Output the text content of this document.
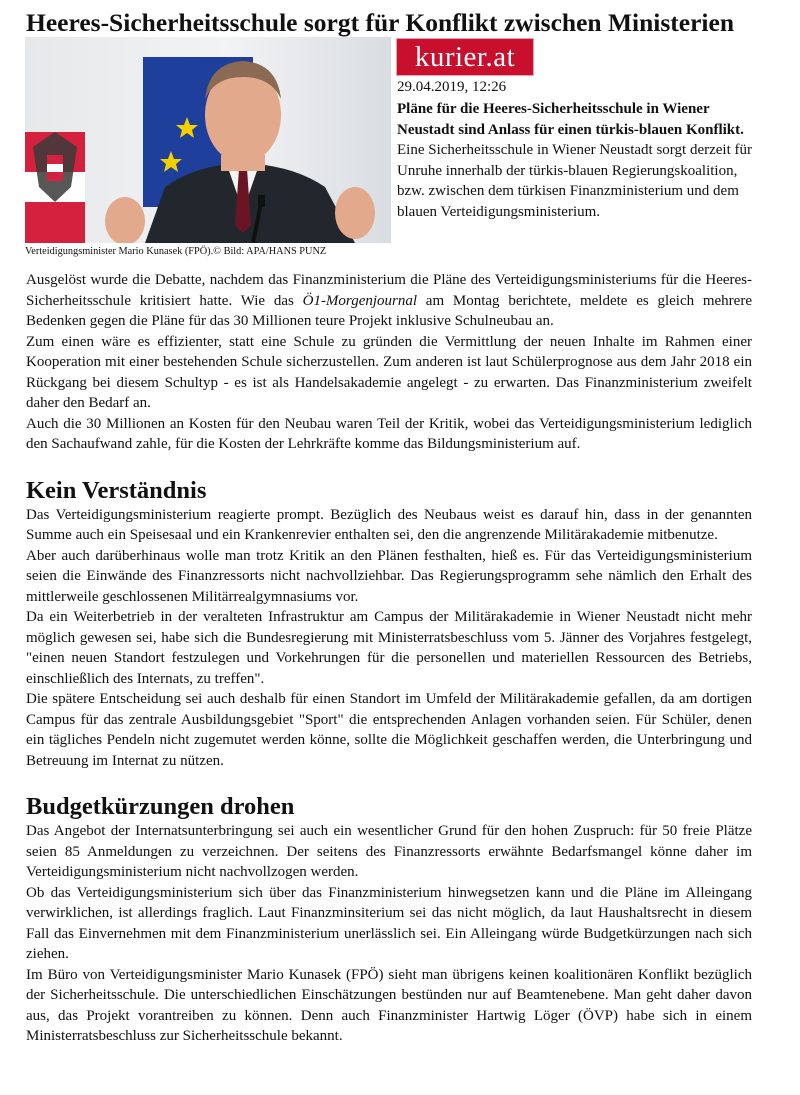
Heeres-Sicherheitsschule sorgt für Konflikt zwischen Ministerien
Verteidigungsminister Mario Kunasek (FPÖ).© Bild: APA/HANS PUNZ
kurier.at
29.04.2019, 12:26
Pläne für die Heeres-Sicherheitsschule in Wiener Neustadt sind Anlass für einen türkis-blauen Konflikt.
Eine Sicherheitsschule in Wiener Neustadt sorgt derzeit für Unruhe innerhalb der türkis-blauen Regierungskoalition, bzw. zwischen dem türkisen Finanzministerium und dem blauen Verteidigungsministerium.

Ausgelöst wurde die Debatte, nachdem das Finanzministerium die Pläne des Verteidigungsministeriums für die Heeres-Sicherheitsschule kritisiert hatte. Wie das Ö1-Morgenjournal am Montag berichtete, meldete es gleich mehrere Bedenken gegen die Pläne für das 30 Millionen teure Projekt inklusive Schulneubau an.

Zum einen wäre es effizienter, statt eine Schule zu gründen die Vermittlung der neuen Inhalte im Rahmen einer Kooperation mit einer bestehenden Schule sicherzustellen. Zum anderen ist laut Schülerprognose aus dem Jahr 2018 ein Rückgang bei diesem Schultyp - es ist als Handelsakademie angelegt - zu erwarten. Das Finanzministerium zweifelt daher den Bedarf an.

Auch die 30 Millionen an Kosten für den Neubau waren Teil der Kritik, wobei das Verteidigungsministerium lediglich den Sachaufwand zahle, für die Kosten der Lehrkräfte komme das Bildungsministerium auf.

Kein Verständnis

Das Verteidigungsministerium reagierte prompt. Bezüglich des Neubaus weist es darauf hin, dass in der genannten Summe auch ein Speisesaal und ein Krankenrevier enthalten sei, den die angrenzende Militärakademie mitbenutze.

Aber auch darüberhinaus wolle man trotz Kritik an den Plänen festhalten, hieß es. Für das Verteidigungsministerium seien die Einwände des Finanzressorts nicht nachvollziehbar. Das Regierungsprogramm sehe nämlich den Erhalt des mittlerweile geschlossenen Militärrealgymnasiums vor.

Da ein Weiterbetrieb in der veralteten Infrastruktur am Campus der Militärakademie in Wiener Neustadt nicht mehr möglich gewesen sei, habe sich die Bundesregierung mit Ministerratsbeschluss vom 5. Jänner des Vorjahres festgelegt, "einen neuen Standort festzulegen und Vorkehrungen für die personellen und materiellen Ressourcen des Betriebs, einschließlich des Internats, zu treffen".

Die spätere Entscheidung sei auch deshalb für einen Standort im Umfeld der Militärakademie gefallen, da am dortigen Campus für das zentrale Ausbildungsgebiet "Sport" die entsprechenden Anlagen vorhanden seien. Für Schüler, denen ein tägliches Pendeln nicht zugemutet werden könne, sollte die Möglichkeit geschaffen werden, die Unterbringung und Betreuung im Internat zu nützen.

Budgetkürzungen drohen

Das Angebot der Internatsunterbringung sei auch ein wesentlicher Grund für den hohen Zuspruch: für 50 freie Plätze seien 85 Anmeldungen zu verzeichnen. Der seitens des Finanzressorts erwähnte Bedarfsmangel könne daher im Verteidigungsministerium nicht nachvollzogen werden.

Ob das Verteidigungsministerium sich über das Finanzministerium hinwegsetzen kann und die Pläne im Alleingang verwirklichen, ist allerdings fraglich. Laut Finanzminsiterium sei das nicht möglich, da laut Haushaltsrecht in diesem Fall das Einvernehmen mit dem Finanzministerium unerlässlich sei. Ein Alleingang würde Budgetkürzungen nach sich ziehen.

Im Büro von Verteidigungsminister Mario Kunasek (FPÖ) sieht man übrigens keinen koalitionären Konflikt bezüglich der Sicherheitsschule. Die unterschiedlichen Einschätzungen bestünden nur auf Beamtenebene. Man geht daher davon aus, das Projekt vorantreiben zu können. Denn auch Finanzminister Hartwig Löger (ÖVP) habe sich in einem Ministerratsbeschluss zur Sicherheitsschule bekannt.
